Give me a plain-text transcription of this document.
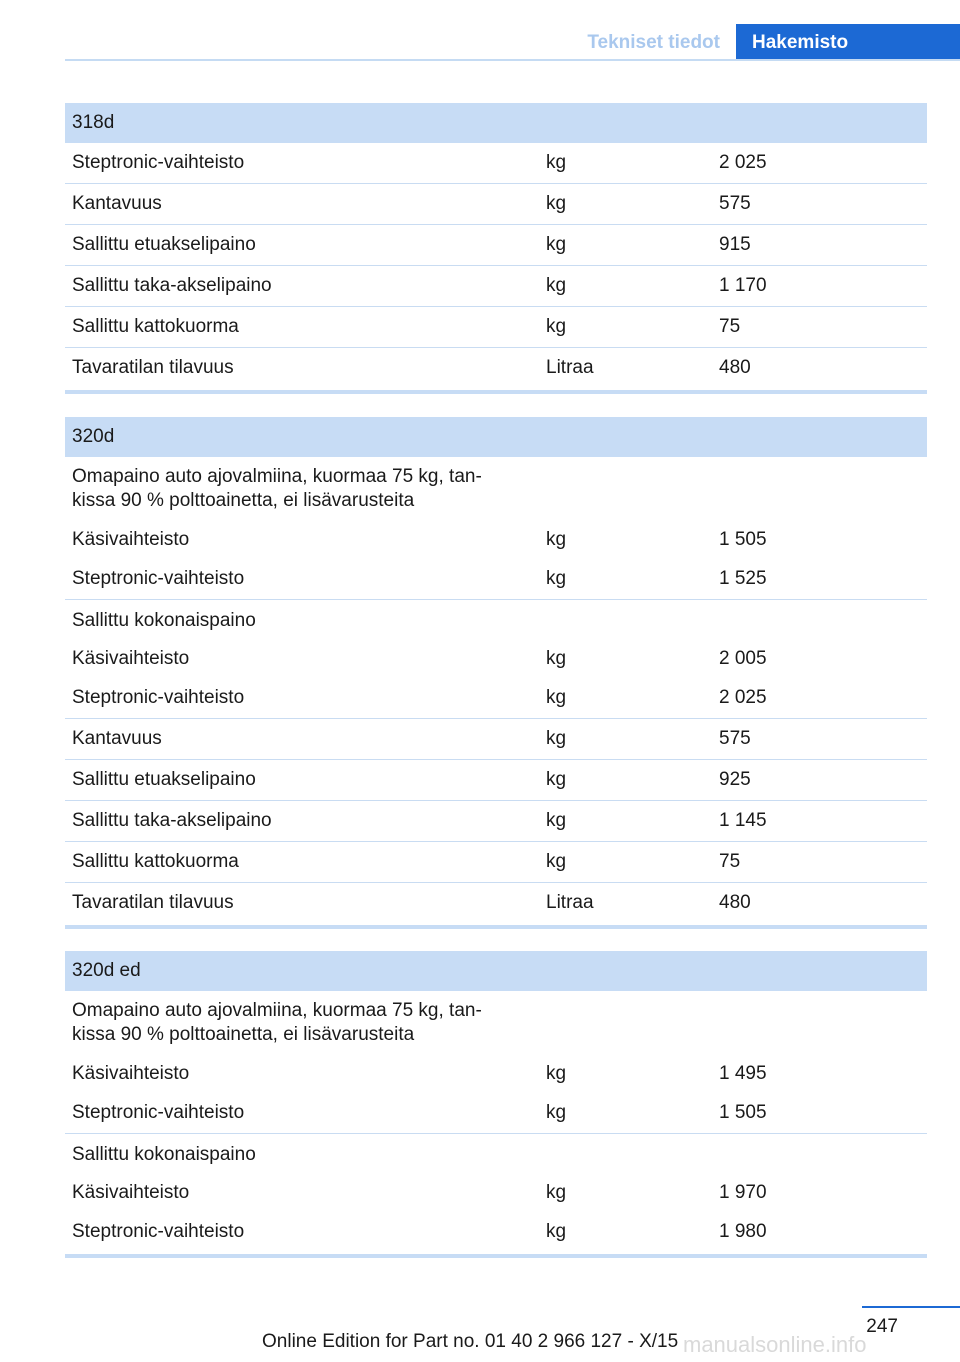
Tekniset tiedot	Hakemisto
318d
Steptronic-vaihteisto	kg	2 025
Kantavuus	kg	575
Sallittu etuakselipaino	kg	915
Sallittu taka-akselipaino	kg	1 170
Sallittu kattokuorma	kg	75
Tavaratilan tilavuus	Litraa	480
320d
Omapaino auto ajovalmiina, kuormaa 75 kg, tan-
kissa 90 % polttoainetta, ei lisävarusteita
Käsivaihteisto	kg	1 505
Steptronic-vaihteisto	kg	1 525
Sallittu kokonaispaino
Käsivaihteisto	kg	2 005
Steptronic-vaihteisto	kg	2 025
Kantavuus	kg	575
Sallittu etuakselipaino	kg	925
Sallittu taka-akselipaino	kg	1 145
Sallittu kattokuorma	kg	75
Tavaratilan tilavuus	Litraa	480
320d ed
Omapaino auto ajovalmiina, kuormaa 75 kg, tan-
kissa 90 % polttoainetta, ei lisävarusteita
Käsivaihteisto	kg	1 495
Steptronic-vaihteisto	kg	1 505
Sallittu kokonaispaino
Käsivaihteisto	kg	1 970
Steptronic-vaihteisto	kg	1 980
247
Online Edition for Part no. 01 40 2 966 127 - X/15 manualsonline.info
